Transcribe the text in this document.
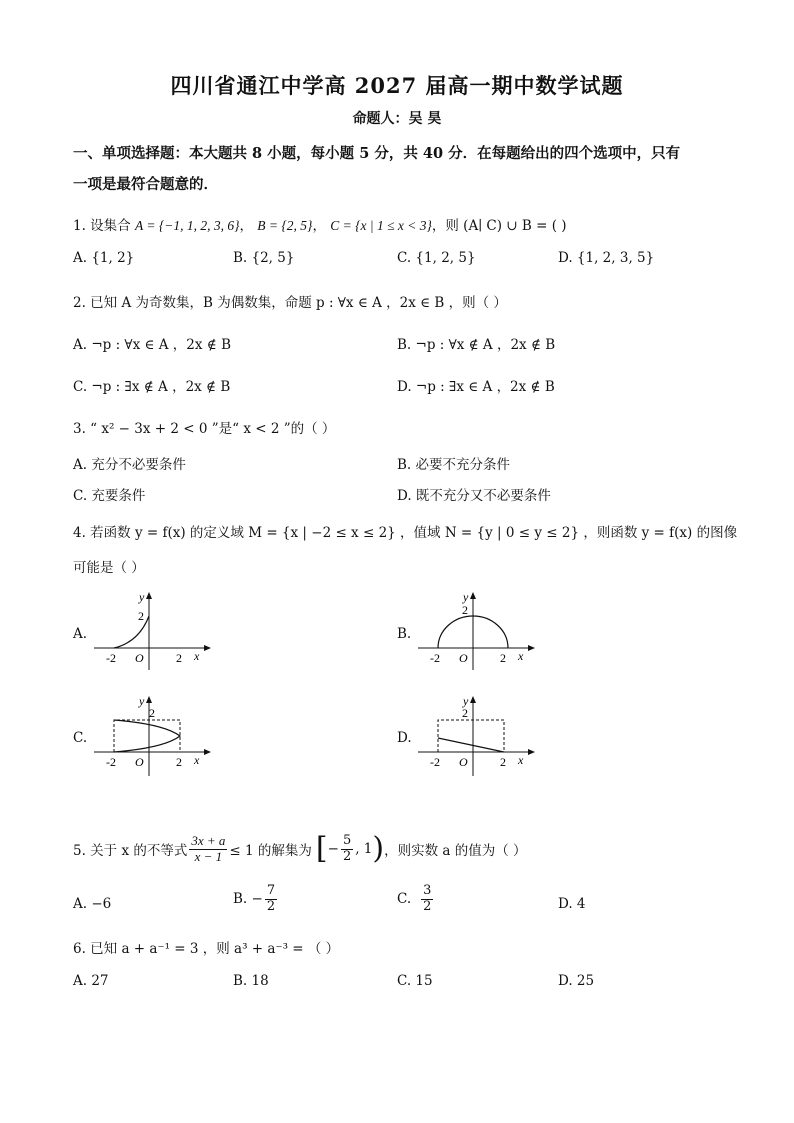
四川省通江中学高 2027 届高一期中数学试题
命题人：吴 昊
一、单项选择题：本大题共 8 小题，每小题 5 分，共 40 分．在每题给出的四个选项中，只有
一项是最符合题意的．
1. 设集合 A = {−1, 1, 2, 3, 6}， B = {2, 5}， C = {x | 1 ≤ x < 3}，则 (A∣ C) ∪ B = ( )
A. {1, 2}	B. {2, 5}	C. {1, 2, 5}	D. {1, 2, 3, 5}
2. 已知 A 为奇数集，B 为偶数集，命题 p : ∀x ∈ A ，2x ∈ B ，则（ ）
A. ¬p : ∀x ∈ A ，2x ∉ B	B. ¬p : ∀x ∉ A ，2x ∉ B
C. ¬p : ∃x ∉ A ，2x ∉ B	D. ¬p : ∃x ∈ A ，2x ∉ B
3. “ x² − 3x + 2 < 0 ”是“ x < 2 ”的（ ）
A. 充分不必要条件	B. 必要不充分条件
C. 充要条件	D. 既不充分又不必要条件
4. 若函数 y = f(x) 的定义域 M = {x | −2 ≤ x ≤ 2} ，值域 N = {y | 0 ≤ y ≤ 2} ，则函数 y = f(x) 的图像
可能是（ ）
A.	B.
C.	D.
y
2
-2 O	2 x
y
2
-2 O	2 x
y
2
-2 O	2 x
y
2
-2 O	2 x
5. 关于 x 的不等式 $\frac{3x + a}{x - 1} \le 1$ 的解集为 [ − $\frac{5}{2}$ , 1 ) ，则实数 a 的值为（ ）
A. −6	B. − $\frac{7}{2}$	C. $\frac{3}{2}$	D. 4
6. 已知 a + a⁻¹ = 3 ，则 a³ + a⁻³ = （ ）
A. 27	B. 18	C. 15	D. 25
